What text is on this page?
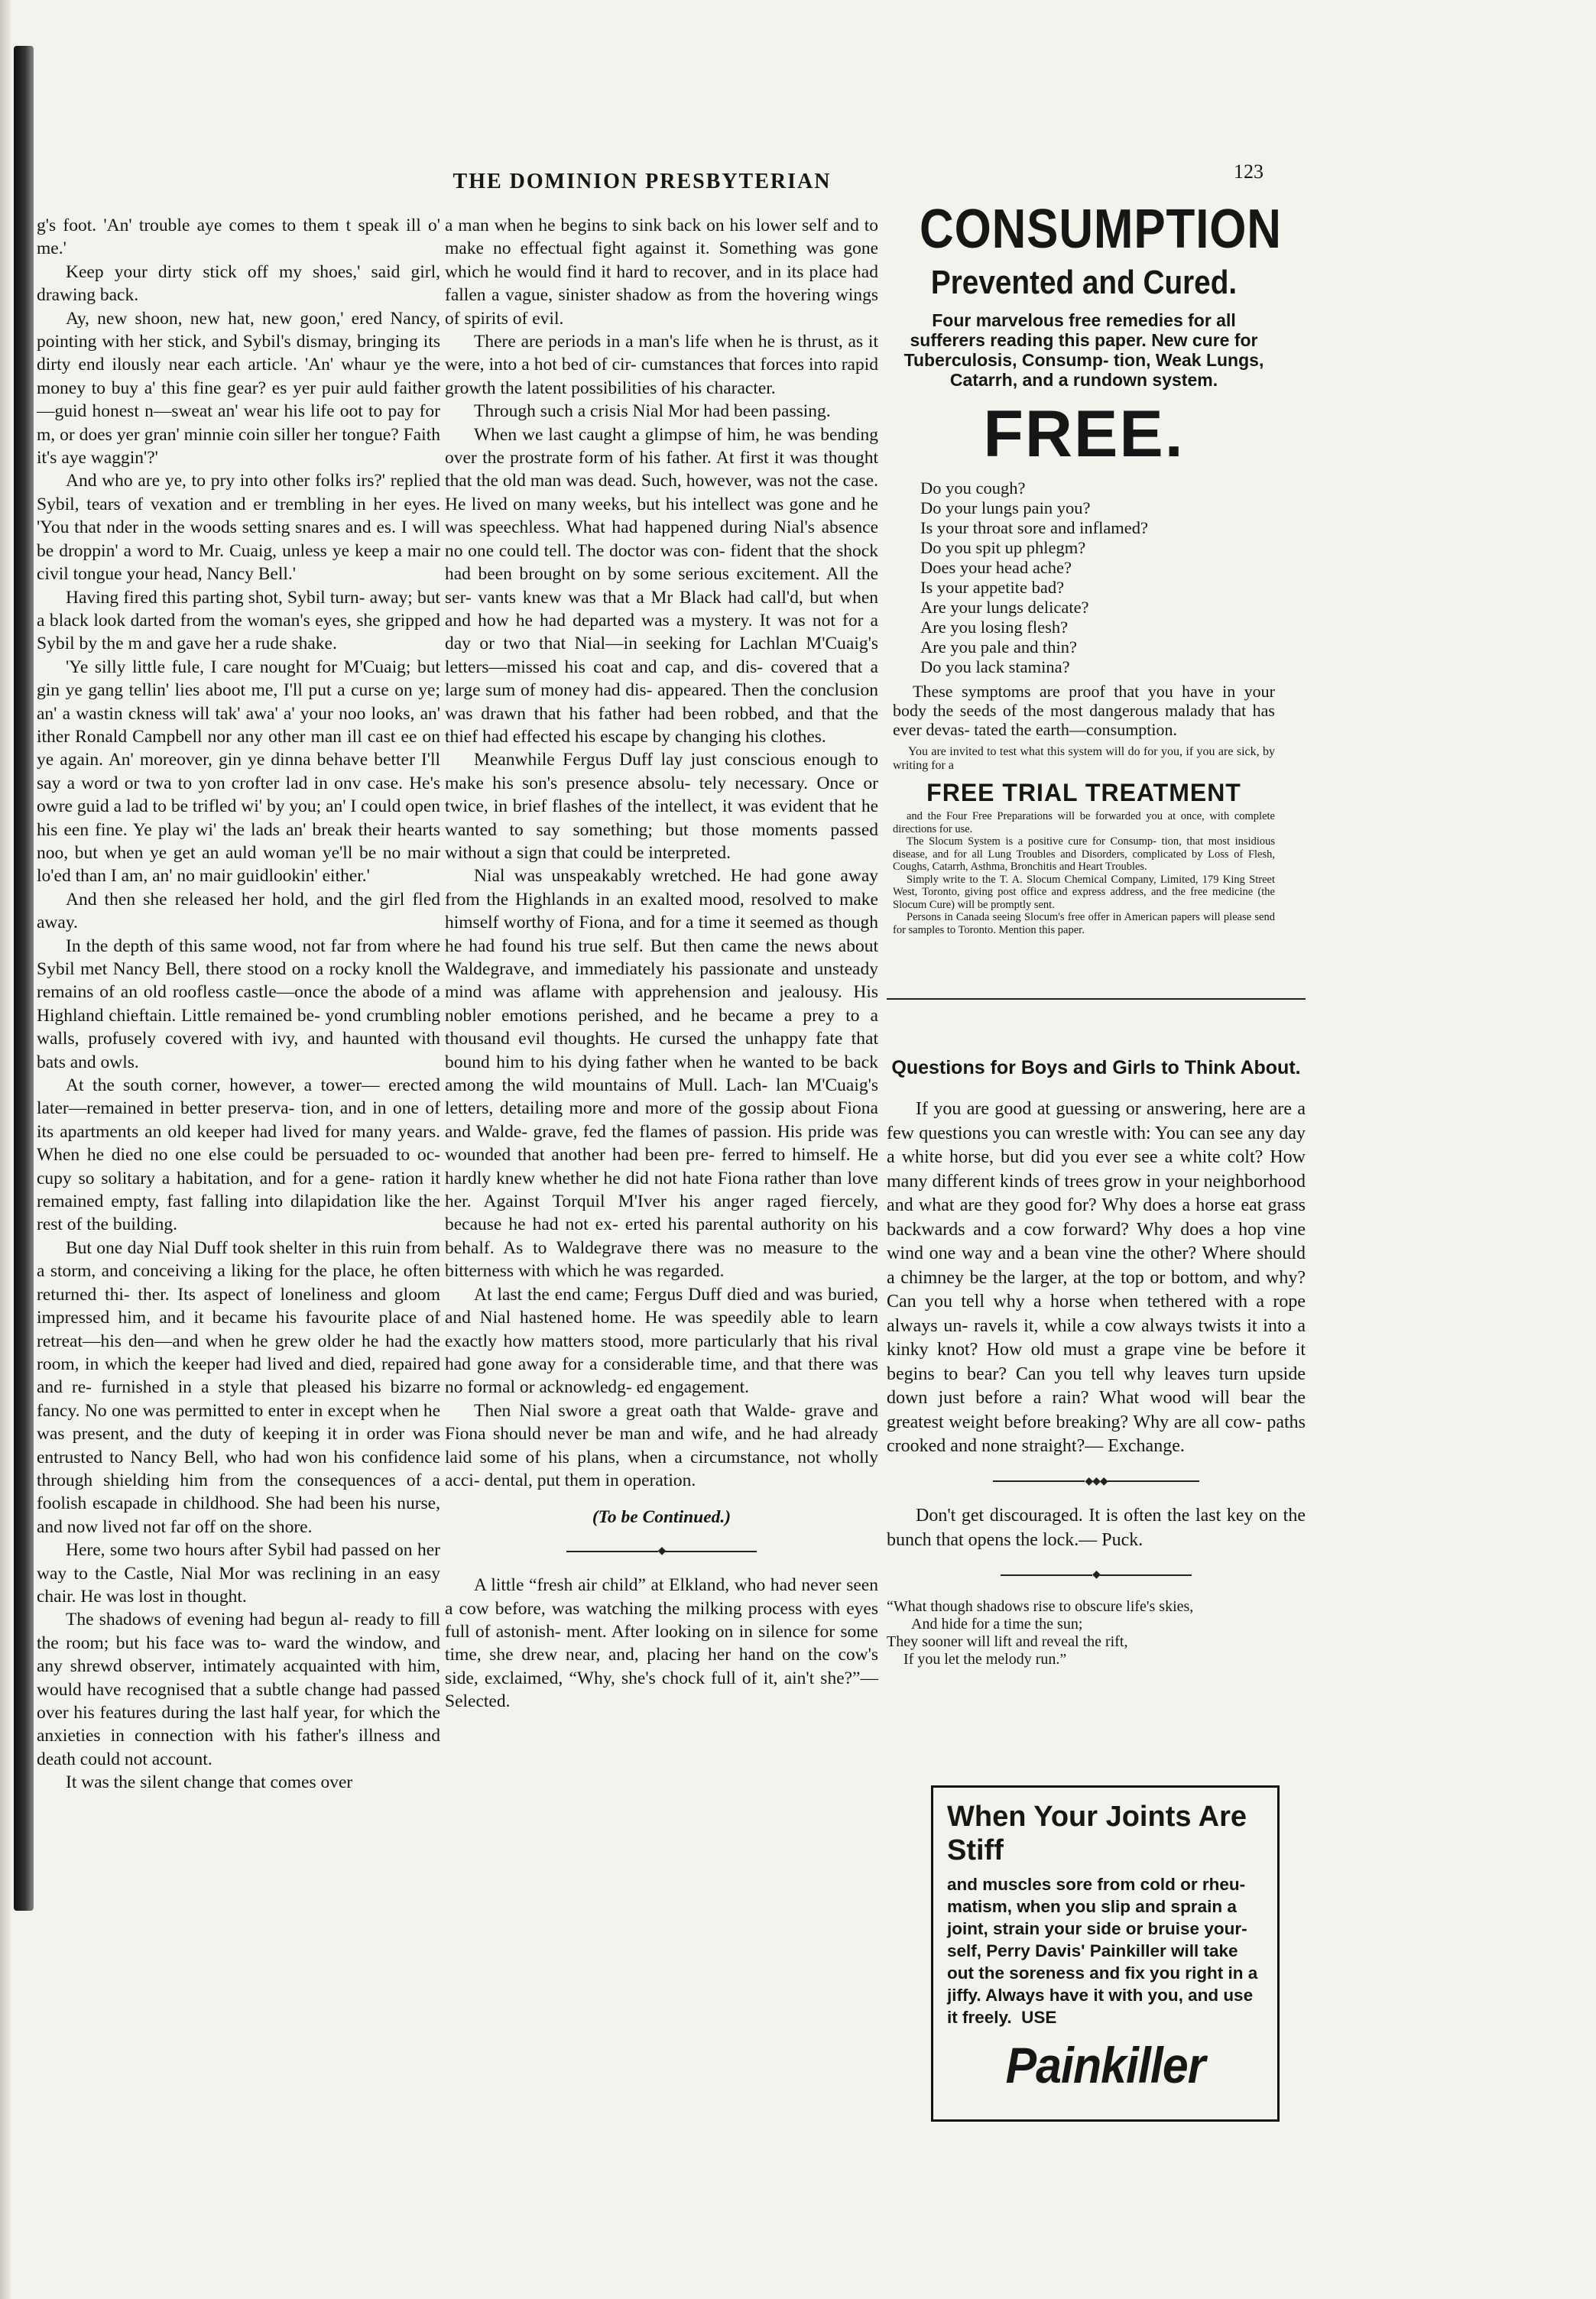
THE DOMINION PRESBYTERIAN	123

g's foot. 'An' trouble aye comes to them t speak ill o' me.'

Keep your dirty stick off my shoes,' said girl, drawing back.

Ay, new shoon, new hat, new goon,' ered Nancy, pointing with her stick, and Sybil's dismay, bringing its dirty end ilously near each article. 'An' whaur ye the money to buy a' this fine gear? es yer puir auld faither—guid honest n—sweat an' wear his life oot to pay for m, or does yer gran' minnie coin siller her tongue? Faith it's aye waggin'?'

And who are ye, to pry into other folks irs?' replied Sybil, tears of vexation and er trembling in her eyes. 'You that nder in the woods setting snares and es. I will be droppin' a word to Mr. Cuaig, unless ye keep a mair civil tongue your head, Nancy Bell.'

Having fired this parting shot, Sybil turn- away; but a black look darted from the woman's eyes, she gripped Sybil by the m and gave her a rude shake.

'Ye silly little fule, I care nought for M'Cuaig; but gin ye gang tellin' lies aboot me, I'll put a curse on ye; an' a wastin ckness will tak' awa' a' your noo looks, an' ither Ronald Campbell nor any other man ill cast ee on ye again. An' moreover, gin ye dinna behave better I'll say a word or twa to yon crofter lad in onv case. He's owre guid a lad to be trifled wi' by you; an' I could open his een fine. Ye play wi' the lads an' break their hearts noo, but when ye get an auld woman ye'll be no mair lo'ed than I am, an' no mair guidlookin' either.'

And then she released her hold, and the girl fled away.

In the depth of this same wood, not far from where Sybil met Nancy Bell, there stood on a rocky knoll the remains of an old roofless castle—once the abode of a Highland chieftain. Little remained be- yond crumbling walls, profusely covered with ivy, and haunted with bats and owls.

At the south corner, however, a tower— erected later—remained in better preserva- tion, and in one of its apartments an old keeper had lived for many years. When he died no one else could be persuaded to oc- cupy so solitary a habitation, and for a gene- ration it remained empty, fast falling into dilapidation like the rest of the building.

But one day Nial Duff took shelter in this ruin from a storm, and conceiving a liking for the place, he often returned thi- ther. Its aspect of loneliness and gloom impressed him, and it became his favourite place of retreat—his den—and when he grew older he had the room, in which the keeper had lived and died, repaired and re- furnished in a style that pleased his bizarre fancy. No one was permitted to enter in except when he was present, and the duty of keeping it in order was entrusted to Nancy Bell, who had won his confidence through shielding him from the consequences of a foolish escapade in childhood. She had been his nurse, and now lived not far off on the shore.

Here, some two hours after Sybil had passed on her way to the Castle, Nial Mor was reclining in an easy chair. He was lost in thought.

The shadows of evening had begun al- ready to fill the room; but his face was to- ward the window, and any shrewd observer, intimately acquainted with him, would have recognised that a subtle change had passed over his features during the last half year, for which the anxieties in connection with his father's illness and death could not account.

It was the silent change that comes over

a man when he begins to sink back on his lower self and to make no effectual fight against it. Something was gone which he would find it hard to recover, and in its place had fallen a vague, sinister shadow as from the hovering wings of spirits of evil.

There are periods in a man's life when he is thrust, as it were, into a hot bed of cir- cumstances that forces into rapid growth the latent possibilities of his character.

Through such a crisis Nial Mor had been passing.

When we last caught a glimpse of him, he was bending over the prostrate form of his father. At first it was thought that the old man was dead. Such, however, was not the case. He lived on many weeks, but his intellect was gone and he was speechless. What had happened during Nial's absence no one could tell. The doctor was con- fident that the shock had been brought on by some serious excitement. All the ser- vants knew was that a Mr Black had call'd, but when and how he had departed was a mystery. It was not for a day or two that Nial—in seeking for Lachlan M'Cuaig's letters—missed his coat and cap, and dis- covered that a large sum of money had dis- appeared. Then the conclusion was drawn that his father had been robbed, and that the thief had effected his escape by changing his clothes.

Meanwhile Fergus Duff lay just conscious enough to make his son's presence absolu- tely necessary. Once or twice, in brief flashes of the intellect, it was evident that he wanted to say something; but those moments passed without a sign that could be interpreted.

Nial was unspeakably wretched. He had gone away from the Highlands in an exalted mood, resolved to make himself worthy of Fiona, and for a time it seemed as though he had found his true self. But then came the news about Waldegrave, and immediately his passionate and unsteady mind was aflame with apprehension and jealousy. His nobler emotions perished, and he became a prey to a thousand evil thoughts. He cursed the unhappy fate that bound him to his dying father when he wanted to be back among the wild mountains of Mull. Lach- lan M'Cuaig's letters, detailing more and more of the gossip about Fiona and Walde- grave, fed the flames of passion. His pride was wounded that another had been pre- ferred to himself. He hardly knew whether he did not hate Fiona rather than love her. Against Torquil M'Iver his anger raged fiercely, because he had not ex- erted his parental authority on his behalf. As to Waldegrave there was no measure to the bitterness with which he was regarded.

At last the end came; Fergus Duff died and was buried, and Nial hastened home. He was speedily able to learn exactly how matters stood, more particularly that his rival had gone away for a considerable time, and that there was no formal or acknowledg- ed engagement.

Then Nial swore a great oath that Walde- grave and Fiona should never be man and wife, and he had already laid some of his plans, when a circumstance, not wholly acci- dental, put them in operation.

(To be Continued.)

◆

A little “fresh air child” at Elkland, who had never seen a cow before, was watching the milking process with eyes full of astonish- ment. After looking on in silence for some time, she drew near, and, placing her hand on the cow's side, exclaimed, “Why, she's chock full of it, ain't she?”—Selected.

CONSUMPTION

Prevented and Cured.

Four marvelous free remedies for all sufferers reading this paper. New cure for Tuberculosis, Consump- tion, Weak Lungs, Catarrh, and a rundown system.

FREE.

Do you cough?

Do your lungs pain you?

Is your throat sore and inflamed?

Do you spit up phlegm?

Does your head ache?

Is your appetite bad?

Are your lungs delicate?

Are you losing flesh?

Are you pale and thin?

Do you lack stamina?

These symptoms are proof that you have in your body the seeds of the most dangerous malady that has ever devas- tated the earth—consumption.

You are invited to test what this system will do for you, if you are sick, by writing for a

FREE TRIAL TREATMENT

and the Four Free Preparations will be forwarded you at once, with complete directions for use.

The Slocum System is a positive cure for Consump- tion, that most insidious disease, and for all Lung Troubles and Disorders, complicated by Loss of Flesh, Coughs, Catarrh, Asthma, Bronchitis and Heart Troubles.

Simply write to the T. A. Slocum Chemical Company, Limited, 179 King Street West, Toronto, giving post office and express address, and the free medicine (the Slocum Cure) will be promptly sent.

Persons in Canada seeing Slocum's free offer in American papers will please send for samples to Toronto. Mention this paper.

Questions for Boys and Girls to Think About.

If you are good at guessing or answering, here are a few questions you can wrestle with: You can see any day a white horse, but did you ever see a white colt? How many different kinds of trees grow in your neighborhood and what are they good for? Why does a horse eat grass backwards and a cow forward? Why does a hop vine wind one way and a bean vine the other? Where should a chimney be the larger, at the top or bottom, and why? Can you tell why a horse when tethered with a rope always un- ravels it, while a cow always twists it into a kinky knot? How old must a grape vine be before it begins to bear? Can you tell why leaves turn upside down just before a rain? What wood will bear the greatest weight before breaking? Why are all cow- paths crooked and none straight?— Exchange.

◆◆◆

Don't get discouraged. It is often the last key on the bunch that opens the lock.— Puck.

◆

“What though shadows rise to obscure life's skies,

And hide for a time the sun;

They sooner will lift and reveal the rift,

If you let the melody run.”

When Your Joints Are Stiff

and muscles sore from cold or rheu- matism, when you slip and sprain a joint, strain your side or bruise your- self, Perry Davis' Painkiller will take out the soreness and fix you right in a jiffy. Always have it with you, and use it freely. USE

Painkiller
